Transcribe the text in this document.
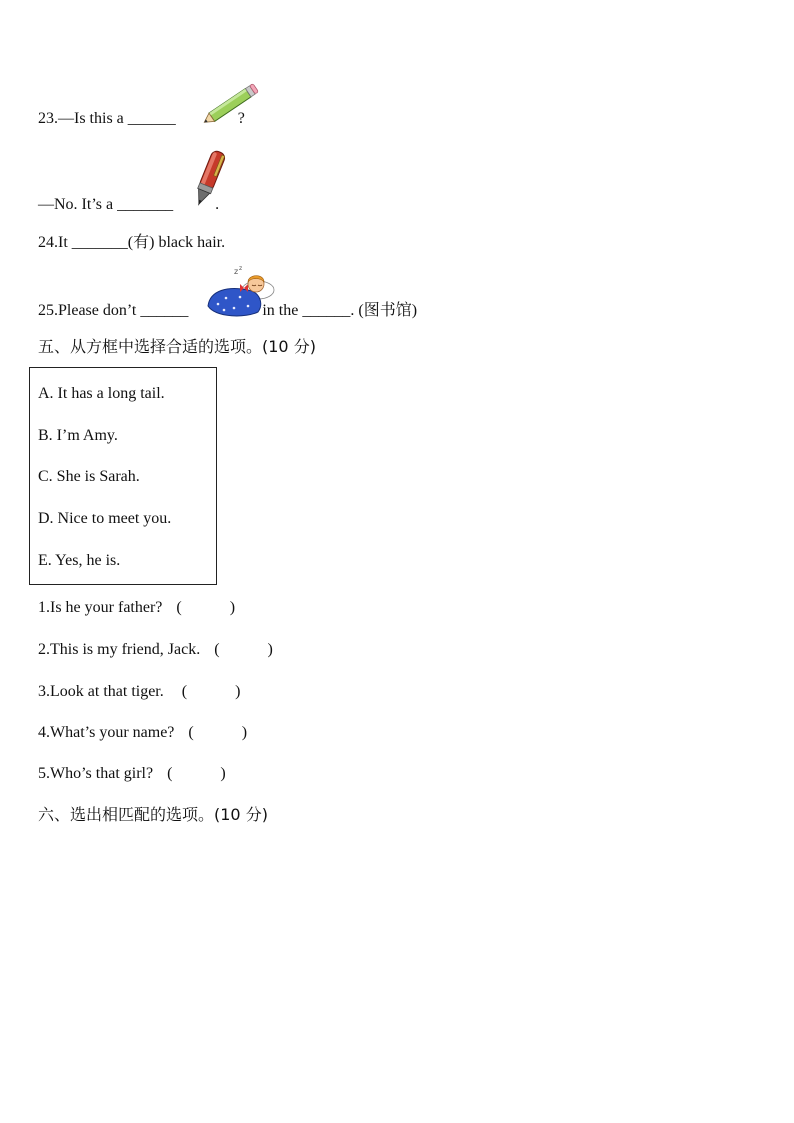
23.—Is this a ______	?
—No. It’s a _______	.
24.It _______(有) black hair.
25.Please don’t ______	in the ______. (图书馆)
z z
五、从方框中选择合适的选项。(10 分)
A. It has a long tail.
B. I’m Amy.
C. She is Sarah.
D. Nice to meet you.
E. Yes, he is.
1.Is he your father? (            )
2.This is my friend, Jack. (            )
3.Look at that tiger. (            )
4.What’s your name? (            )
5.Who’s that girl? (            )
六、选出相匹配的选项。(10 分)
